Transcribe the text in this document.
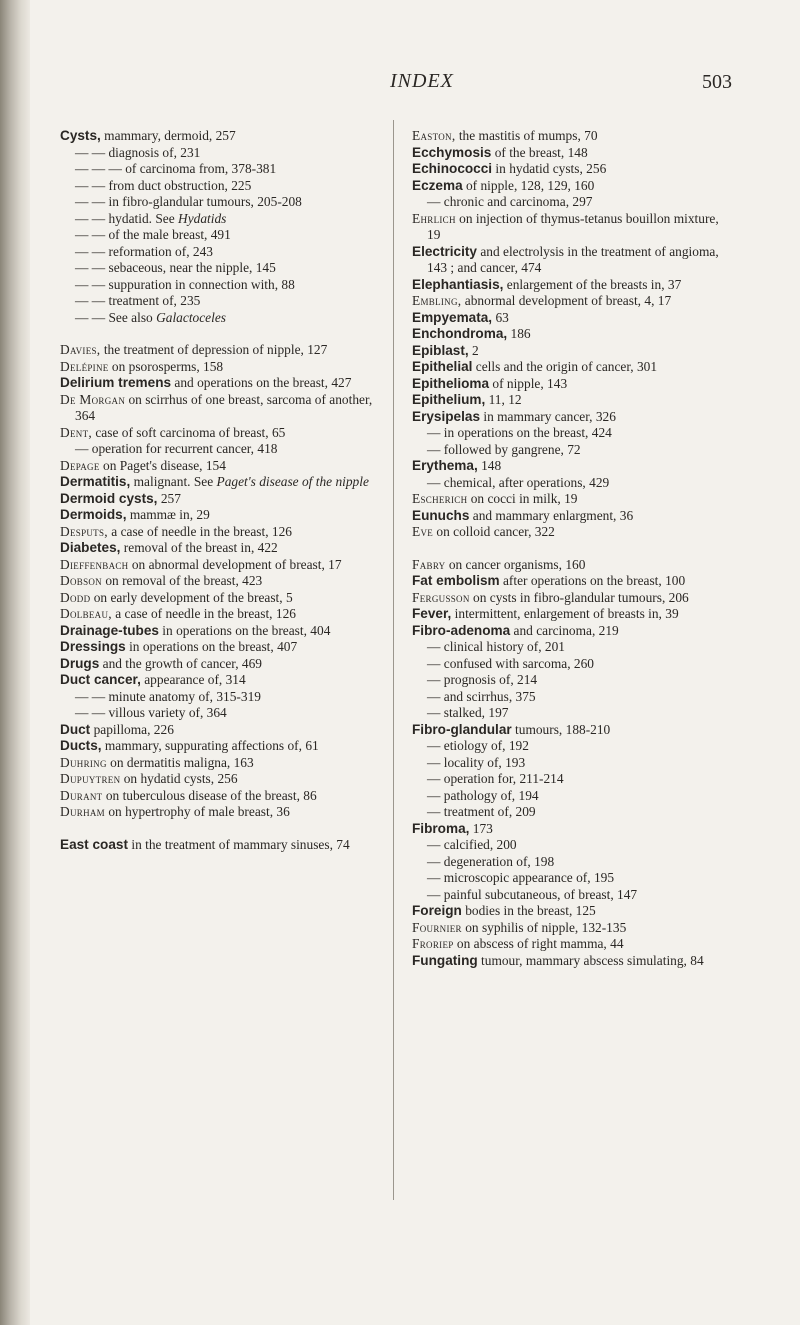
INDEX	503
Cysts, mammary, dermoid, 257
— — diagnosis of, 231
— — — of carcinoma from, 378-381
— — from duct obstruction, 225
— — in fibro-glandular tumours, 205-208
— — hydatid. See Hydatids
— — of the male breast, 491
— — reformation of, 243
— — sebaceous, near the nipple, 145
— — suppuration in connection with, 88
— — treatment of, 235
— — See also Galactoceles
Davies, the treatment of depression of nipple, 127
Delépine on psorosperms, 158
Delirium tremens and operations on the breast, 427
De Morgan on scirrhus of one breast, sarcoma of another, 364
Dent, case of soft carcinoma of breast, 65
— operation for recurrent cancer, 418
Depage on Paget's disease, 154
Dermatitis, malignant. See Paget's disease of the nipple
Dermoid cysts, 257
Dermoids, mammæ in, 29
Desputs, a case of needle in the breast, 126
Diabetes, removal of the breast in, 422
Dieffenbach on abnormal development of breast, 17
Dobson on removal of the breast, 423
Dodd on early development of the breast, 5
Dolbeau, a case of needle in the breast, 126
Drainage-tubes in operations on the breast, 404
Dressings in operations on the breast, 407
Drugs and the growth of cancer, 469
Duct cancer, appearance of, 314
— — minute anatomy of, 315-319
— — villous variety of, 364
Duct papilloma, 226
Ducts, mammary, suppurating affections of, 61
Duhring on dermatitis maligna, 163
Dupuytren on hydatid cysts, 256
Durant on tuberculous disease of the breast, 86
Durham on hypertrophy of male breast, 36
East coast in the treatment of mammary sinuses, 74
Easton, the mastitis of mumps, 70
Ecchymosis of the breast, 148
Echinococci in hydatid cysts, 256
Eczema of nipple, 128, 129, 160
— chronic and carcinoma, 297
Ehrlich on injection of thymus-tetanus bouillon mixture, 19
Electricity and electrolysis in the treatment of angioma, 143 ; and cancer, 474
Elephantiasis, enlargement of the breasts in, 37
Embling, abnormal development of breast, 4, 17
Empyemata, 63
Enchondroma, 186
Epiblast, 2
Epithelial cells and the origin of cancer, 301
Epithelioma of nipple, 143
Epithelium, 11, 12
Erysipelas in mammary cancer, 326
— in operations on the breast, 424
— followed by gangrene, 72
Erythema, 148
— chemical, after operations, 429
Escherich on cocci in milk, 19
Eunuchs and mammary enlargment, 36
Eve on colloid cancer, 322
Fabry on cancer organisms, 160
Fat embolism after operations on the breast, 100
Fergusson on cysts in fibro-glandular tumours, 206
Fever, intermittent, enlargement of breasts in, 39
Fibro-adenoma and carcinoma, 219
— clinical history of, 201
— confused with sarcoma, 260
— prognosis of, 214
— and scirrhus, 375
— stalked, 197
Fibro-glandular tumours, 188-210
— etiology of, 192
— locality of, 193
— operation for, 211-214
— pathology of, 194
— treatment of, 209
Fibroma, 173
— calcified, 200
— degeneration of, 198
— microscopic appearance of, 195
— painful subcutaneous, of breast, 147
Foreign bodies in the breast, 125
Fournier on syphilis of nipple, 132-135
Froriep on abscess of right mamma, 44
Fungating tumour, mammary abscess simulating, 84
